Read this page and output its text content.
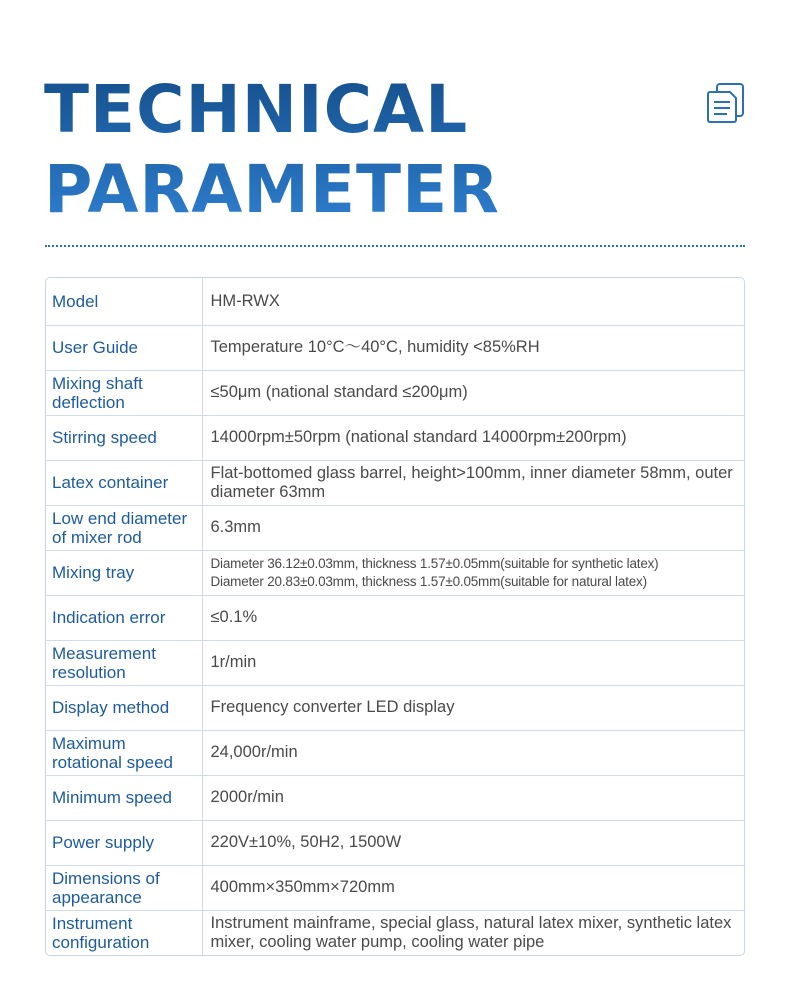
TECHNICAL
PARAMETER
Model	HM-RWX
User Guide	Temperature 10°C～40°C, humidity <85%RH
Mixing shaft deflection	≤50μm (national standard ≤200μm)
Stirring speed	14000rpm±50rpm (national standard 14000rpm±200rpm)
Latex container	Flat-bottomed glass barrel, height>100mm, inner diameter 58mm, outer diameter 63mm
Low end diameter of mixer rod	6.3mm
Mixing tray	Diameter 36.12±0.03mm, thickness 1.57±0.05mm(suitable for synthetic latex)
Diameter 20.83±0.03mm, thickness 1.57±0.05mm(suitable for natural latex)

Indication error	≤0.1%
Measurement resolution	1r/min
Display method	Frequency converter LED display
Maximum rotational speed	24,000r/min
Minimum speed	2000r/min
Power supply	220V±10%, 50H2, 1500W
Dimensions of appearance	400mm×350mm×720mm
Instrument configuration	Instrument mainframe, special glass, natural latex mixer, synthetic latex mixer, cooling water pump, cooling water pipe
